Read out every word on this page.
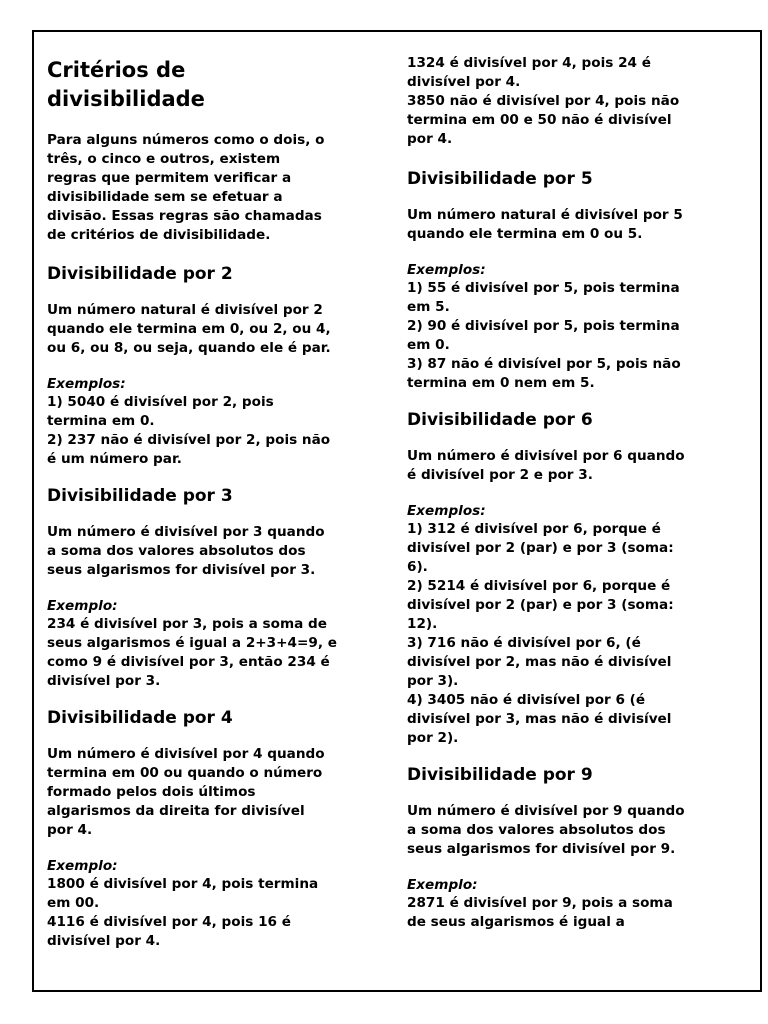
Critérios de
divisibilidade
Para alguns números como o dois, o
três, o cinco e outros, existem
regras que permitem verificar a
divisibilidade sem se efetuar a
divisão. Essas regras são chamadas
de critérios de divisibilidade.
Divisibilidade por 2
Um número natural é divisível por 2
quando ele termina em 0, ou 2, ou 4,
ou 6, ou 8, ou seja, quando ele é par.
Exemplos:
1) 5040 é divisível por 2, pois
termina em 0.
2) 237 não é divisível por 2, pois não
é um número par.
Divisibilidade por 3
Um número é divisível por 3 quando
a soma dos valores absolutos dos
seus algarismos for divisível por 3.
Exemplo:
234 é divisível por 3, pois a soma de
seus algarismos é igual a 2+3+4=9, e
como 9 é divisível por 3, então 234 é
divisível por 3.
Divisibilidade por 4
Um número é divisível por 4 quando
termina em 00 ou quando o número
formado pelos dois últimos
algarismos da direita for divisível
por 4.
Exemplo:
1800 é divisível por 4, pois termina
em 00.
4116 é divisível por 4, pois 16 é
divisível por 4.
1324 é divisível por 4, pois 24 é
divisível por 4.
3850 não é divisível por 4, pois não
termina em 00 e 50 não é divisível
por 4.
Divisibilidade por 5
Um número natural é divisível por 5
quando ele termina em 0 ou 5.
Exemplos:
1) 55 é divisível por 5, pois termina
em 5.
2) 90 é divisível por 5, pois termina
em 0.
3) 87 não é divisível por 5, pois não
termina em 0 nem em 5.
Divisibilidade por 6
Um número é divisível por 6 quando
é divisível por 2 e por 3.
Exemplos:
1) 312 é divisível por 6, porque é
divisível por 2 (par) e por 3 (soma:
6).
2) 5214 é divisível por 6, porque é
divisível por 2 (par) e por 3 (soma:
12).
3) 716 não é divisível por 6, (é
divisível por 2, mas não é divisível
por 3).
4) 3405 não é divisível por 6 (é
divisível por 3, mas não é divisível
por 2).
Divisibilidade por 9
Um número é divisível por 9 quando
a soma dos valores absolutos dos
seus algarismos for divisível por 9.
Exemplo:
2871 é divisível por 9, pois a soma
de seus algarismos é igual a
